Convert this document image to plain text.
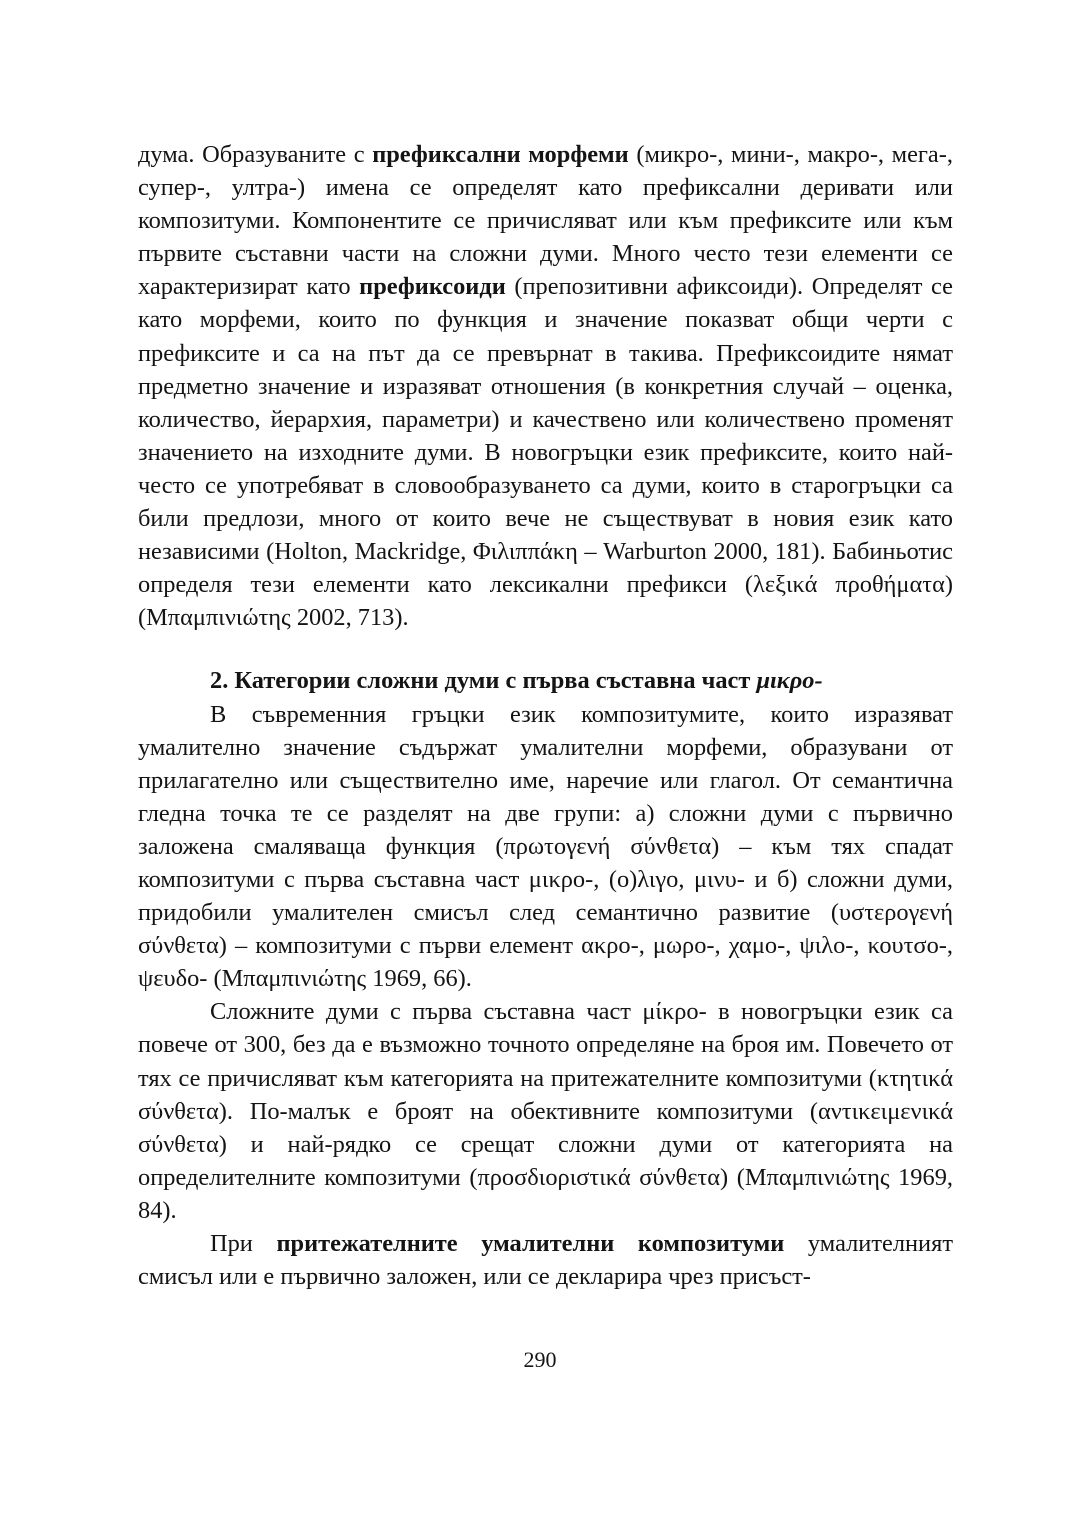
дума. Образуваните с префиксални морфеми (микро-, мини-, макро-, мега-, супер-, ултра-) имена се определят като префиксални деривати или композитуми. Компонентите се причисляват или към префиксите или към първите съставни части на сложни думи. Много често тези елементи се характеризират като префиксоиди (препозитивни афиксоиди). Определят се като морфеми, които по функция и значение показват общи черти с префиксите и са на път да се превърнат в такива. Префиксоидите нямат предметно значение и изразяват отношения (в конкретния случай – оценка, количество, йерархия, параметри) и качествено или количествено променят значението на изходните думи. В новогръцки език префиксите, които най-често се употребяват в словообразуването са думи, които в старогръцки са били предлози, много от които вече не съществуват в новия език като независими (Holton, Mackridge, Φιλιππάκη – Warburton 2000, 181). Бабиньотис определя тези елементи като лексикални префикси (λεξικά προθήματα) (Μπαμπινιώτης 2002, 713).

2. Категории сложни думи с първа съставна част μικρο-

В съвременния гръцки език композитумите, които изразяват умалително значение съдържат умалителни морфеми, образувани от прилагателно или съществително име, наречие или глагол. От семантична гледна точка те се разделят на две групи: а) сложни думи с първично заложена смаляваща функция (πρωτογενή σύνθετα) – към тях спадат композитуми с първа съставна част μικρο-, (ο)λιγο, μινυ- и б) сложни думи, придобили умалителен смисъл след семантично развитие (υστερογενή σύνθετα) – композитуми с първи елемент ακρο-, μωρο-, χαμο-, ψιλο-, κουτσο-, ψευδο- (Μπαμπινιώτης 1969, 66).

Сложните думи с първа съставна част μίκρο- в новогръцки език са повече от 300, без да е възможно точното определяне на броя им. Повечето от тях се причисляват към категорията на притежателните композитуми (κτητικά σύνθετα). По-малък е броят на обективните композитуми (αντικειμενικά σύνθετα) и най-рядко се срещат сложни думи от категорията на определителните композитуми (προσδιοριστικά σύνθετα) (Μπαμπινιώτης 1969, 84).

При притежателните умалителни композитуми умалителният смисъл или е първично заложен, или се декларира чрез присъст-

290
